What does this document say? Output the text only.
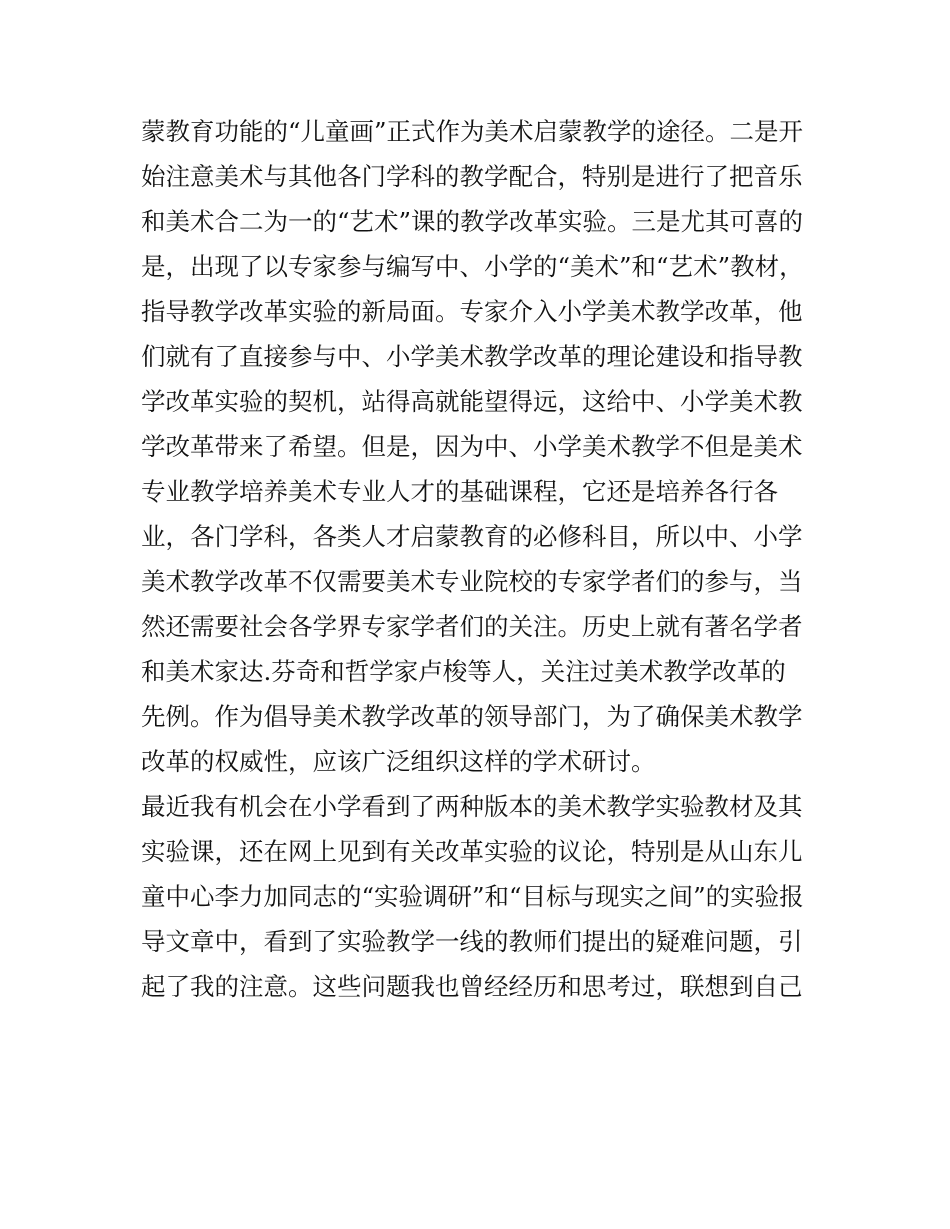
蒙教育功能的“儿童画”正式作为美术启蒙教学的途径。二是开
始注意美术与其他各门学科的教学配合，特别是进行了把音乐
和美术合二为一的“艺术”课的教学改革实验。三是尤其可喜的
是，出现了以专家参与编写中、小学的“美术”和“艺术”教材，
指导教学改革实验的新局面。专家介入小学美术教学改革，他
们就有了直接参与中、小学美术教学改革的理论建设和指导教
学改革实验的契机，站得高就能望得远，这给中、小学美术教
学改革带来了希望。但是，因为中、小学美术教学不但是美术
专业教学培养美术专业人才的基础课程，它还是培养各行各
业，各门学科，各类人才启蒙教育的必修科目，所以中、小学
美术教学改革不仅需要美术专业院校的专家学者们的参与，当
然还需要社会各学界专家学者们的关注。历史上就有著名学者
和美术家达.芬奇和哲学家卢梭等人，关注过美术教学改革的
先例。作为倡导美术教学改革的领导部门，为了确保美术教学
改革的权威性，应该广泛组织这样的学术研讨。
最近我有机会在小学看到了两种版本的美术教学实验教材及其
实验课，还在网上见到有关改革实验的议论，特别是从山东儿
童中心李力加同志的“实验调研”和“目标与现实之间”的实验报
导文章中，看到了实验教学一线的教师们提出的疑难问题，引
起了我的注意。这些问题我也曾经经历和思考过，联想到自己
